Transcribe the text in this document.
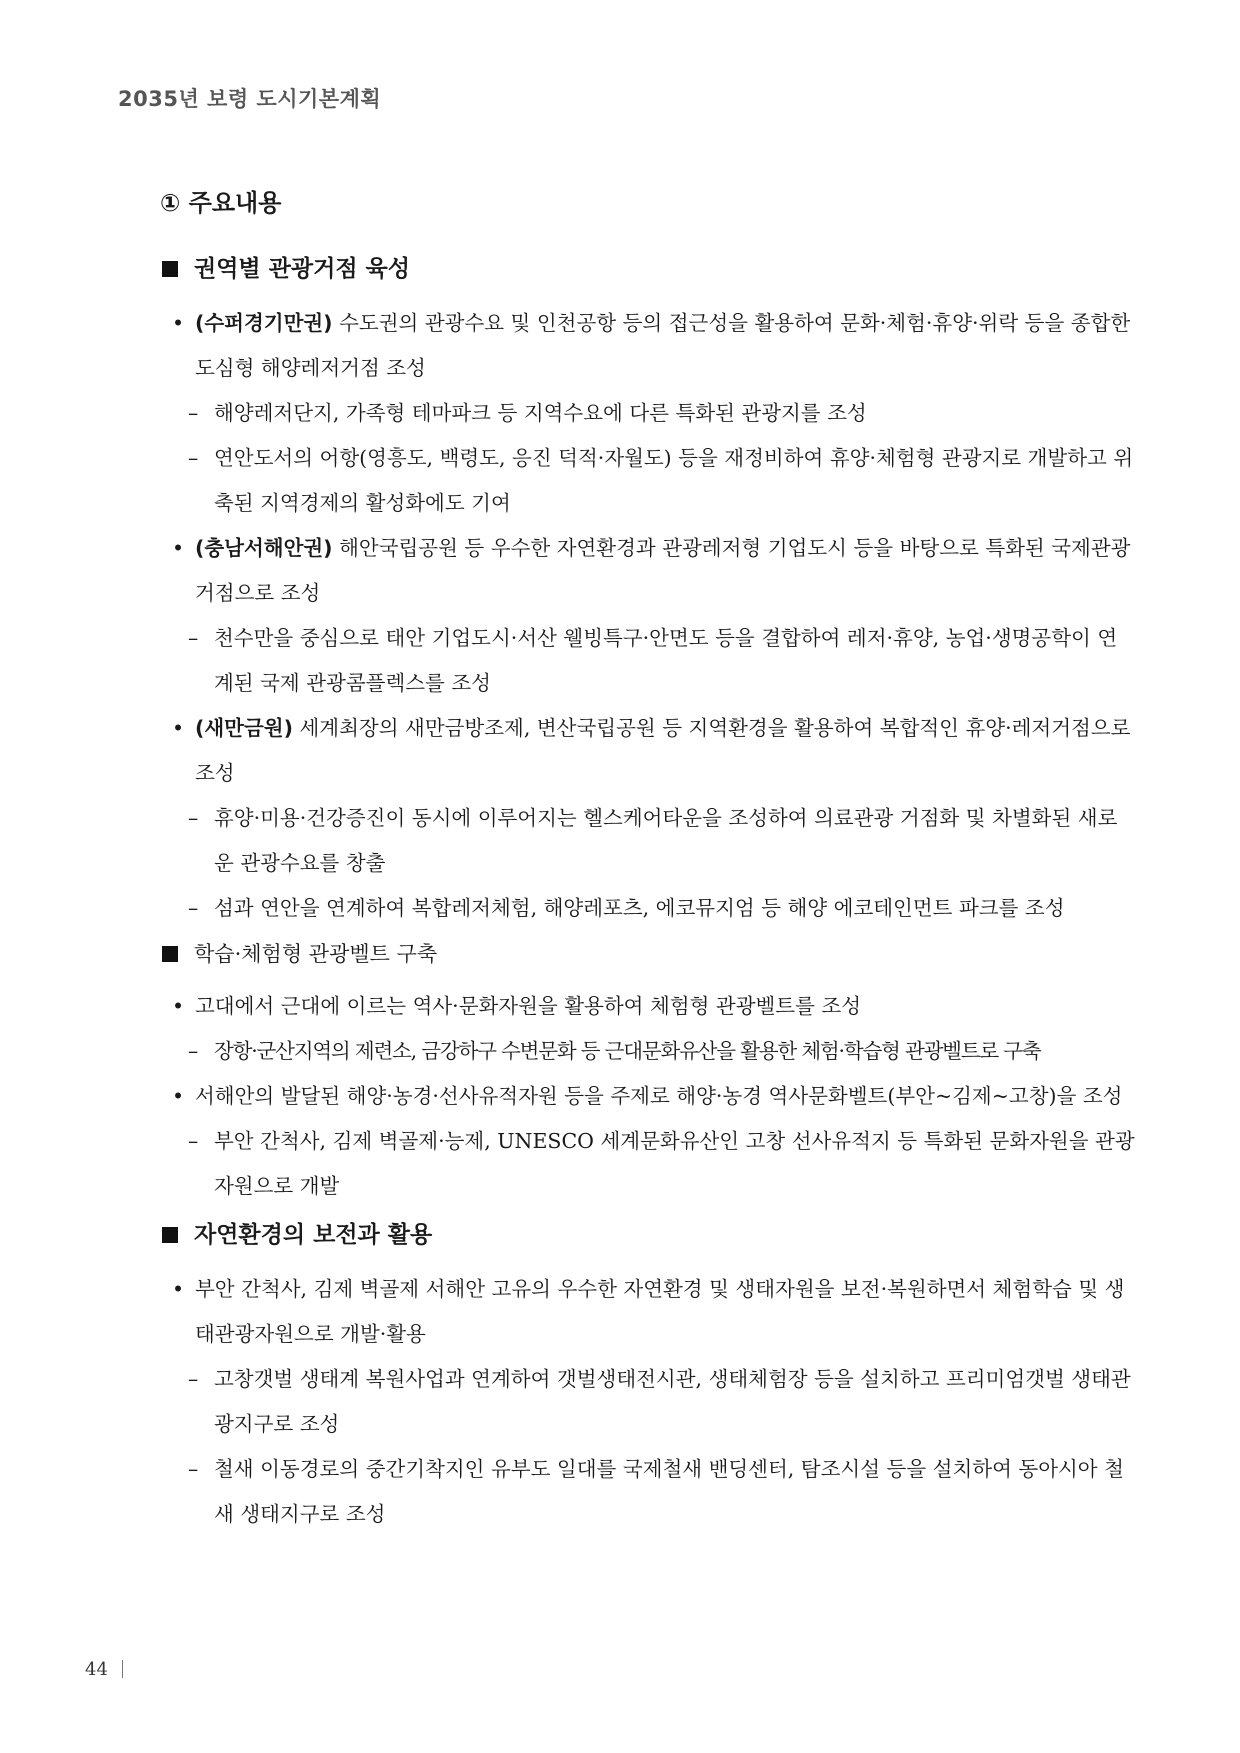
2035년 보령 도시기본계획
① 주요내용
권역별 관광거점 육성
• (수퍼경기만권) 수도권의 관광수요 및 인천공항 등의 접근성을 활용하여 문화·체험·휴양·위락 등을 종합한 도심형 해양레저거점 조성
– 해양레저단지, 가족형 테마파크 등 지역수요에 다른 특화된 관광지를 조성
– 연안도서의 어항(영흥도, 백령도, 응진 덕적·자월도) 등을 재정비하여 휴양·체험형 관광지로 개발하고 위축된 지역경제의 활성화에도 기여
• (충남서해안권) 해안국립공원 등 우수한 자연환경과 관광레저형 기업도시 등을 바탕으로 특화된 국제관광거점으로 조성
– 천수만을 중심으로 태안 기업도시·서산 웰빙특구·안면도 등을 결합하여 레저·휴양, 농업·생명공학이 연계된 국제 관광콤플렉스를 조성
• (새만금원) 세계최장의 새만금방조제, 변산국립공원 등 지역환경을 활용하여 복합적인 휴양·레저거점으로 조성
– 휴양·미용·건강증진이 동시에 이루어지는 헬스케어타운을 조성하여 의료관광 거점화 및 차별화된 새로운 관광수요를 창출
– 섬과 연안을 연계하여 복합레저체험, 해양레포츠, 에코뮤지엄 등 해양 에코테인먼트 파크를 조성
학습·체험형 관광벨트 구축
• 고대에서 근대에 이르는 역사·문화자원을 활용하여 체험형 관광벨트를 조성
– 장항·군산지역의 제련소, 금강하구 수변문화 등 근대문화유산을 활용한 체험·학습형 관광벨트로 구축
• 서해안의 발달된 해양·농경·선사유적자원 등을 주제로 해양·농경 역사문화벨트(부안~김제~고창)을 조성
– 부안 간척사, 김제 벽골제·능제, UNESCO 세계문화유산인 고창 선사유적지 등 특화된 문화자원을 관광자원으로 개발
자연환경의 보전과 활용
• 부안 간척사, 김제 벽골제 서해안 고유의 우수한 자연환경 및 생태자원을 보전·복원하면서 체험학습 및 생태관광자원으로 개발·활용
– 고창갯벌 생태계 복원사업과 연계하여 갯벌생태전시관, 생태체험장 등을 설치하고 프리미엄갯벌 생태관광지구로 조성
– 철새 이동경로의 중간기착지인 유부도 일대를 국제철새 밴딩센터, 탐조시설 등을 설치하여 동아시아 철새 생태지구로 조성
44
